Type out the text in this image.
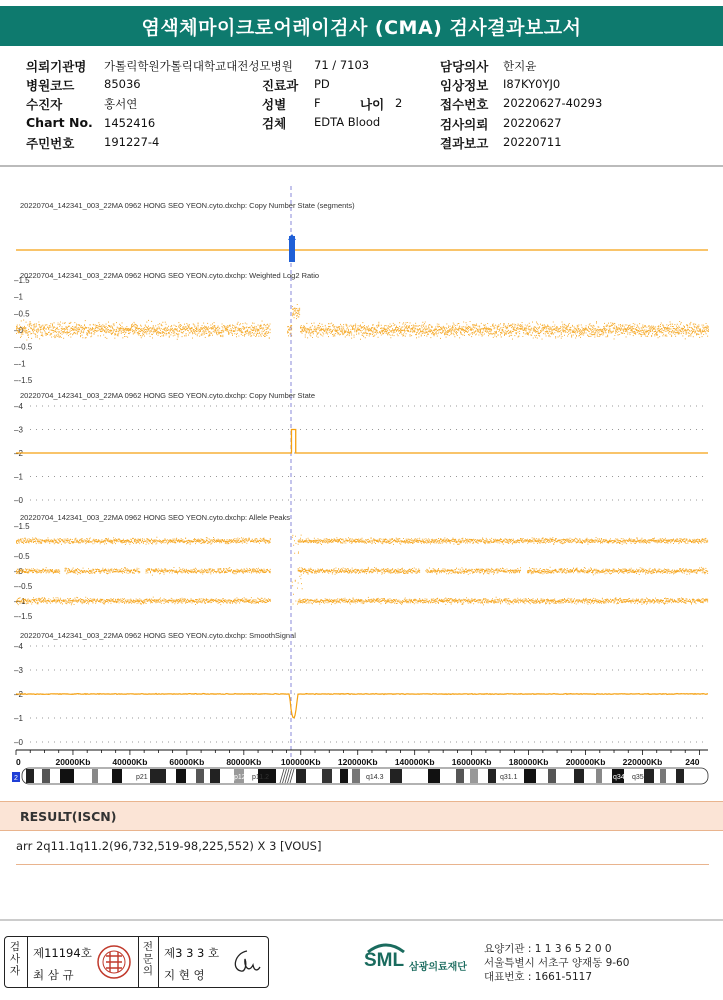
염색체마이크로어레이검사 (CMA) 검사결과보고서
의뢰기관명 가톨릭학원가톨릭대학교대전성모병원 71 / 7103	담당의사 한지윤
병원코드	85036	진료과 PD	임상정보 I87KY0YJ0
수진자	홍서연	성별 F	나이 2	접수번호 20220627-40293
Chart No. 1452416	검체 EDTA Blood	검사의뢰 20220627
주민번호	191227-4	결과보고 20220711
20220704_142341_003_22MA 0962 HONG SEO YEON.cyto.dxchp: Copy Number State (segments)
20220704_142341_003_22MA 0962 HONG SEO YEON.cyto.dxchp: Weighted Log2 Ratio
20220704_142341_003_22MA 0962 HONG SEO YEON.cyto.dxchp: Copy Number State
20220704_142341_003_22MA 0962 HONG SEO YEON.cyto.dxchp: Allele Peaks
20220704_142341_003_22MA 0962 HONG SEO YEON.cyto.dxchp: SmoothSignal
–1.5
–1
–0.5
–0
–-0.5
–-1
–-1.5
–4
–3
–2
–1
–0
–1.5
–0.5
–0
–-0.5
–-1
–-1.5
–4
–3
–2
–1
–0
0	20000Kb	40000Kb	60000Kb	80000Kb 100000Kb 120000Kb 140000Kb 160000Kb 180000Kb 200000Kb 220000Kb	240
2	p21	p12 p11.2	q14.3	q31.1	q34 q35
RESULT(ISCN)
arr 2q11.1q11.2(96,732,519-98,225,552) X 3 [VOUS]
검
사
자
제11194호
최 삼 규
전
문
의
제3 3 3 호
지 현 영
SML 삼광의료재단
요양기관 : 1 1 3 6 5 2 0 0
서울특별시 서초구 양재동 9-60
대표번호 : 1661-5117
